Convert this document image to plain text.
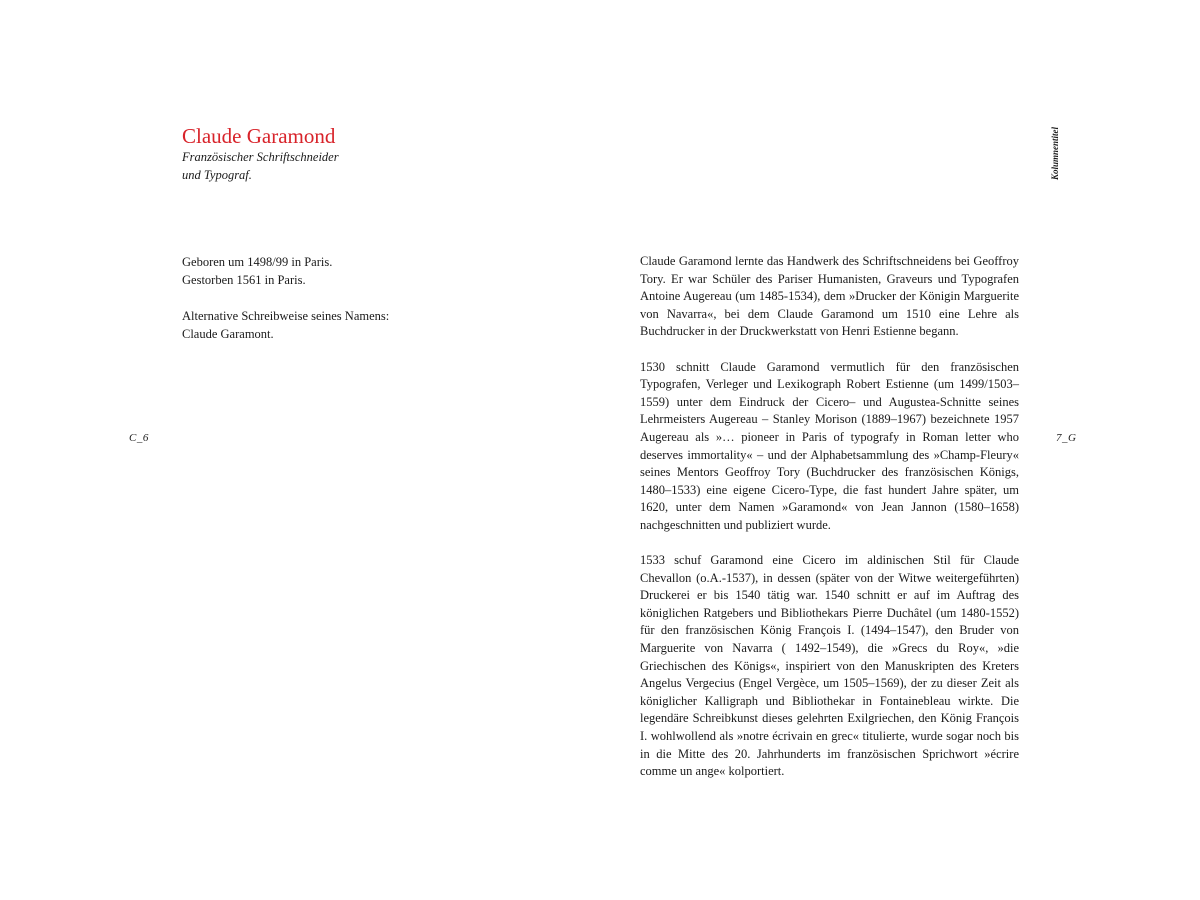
Claude Garamond
Französischer Schriftschneider
und Typograf.	Kolumnentitel

Geboren um 1498/99 in Paris.

Gestorben 1561 in Paris.

Alternative Schreibweise seines Namens:

Claude Garamont.

C_6	7_G

Claude Garamond lernte das Handwerk des Schriftschneidens bei Geoffroy Tory. Er war Schüler des Pariser Humanisten, Graveurs und Typografen Antoine Augereau (um 1485-1534), dem »Drucker der Königin Marguerite von Navarra«, bei dem Claude Garamond um 1510 eine Lehre als Buchdrucker in der Druckwerkstatt von Henri Estienne begann.

1530 schnitt Claude Garamond vermutlich für den französischen Typografen, Verleger und Lexikograph Robert Estienne (um 1499/1503–1559) unter dem Eindruck der Cicero– und Augustea-Schnitte seines Lehrmeisters Augereau – Stanley Morison (1889–1967) bezeichnete 1957 Augereau als »… pioneer in Paris of typografy in Roman letter who deserves immortality« – und der Alphabetsammlung des »Champ-Fleury« seines Mentors Geoffroy Tory (Buchdrucker des französischen Königs, 1480–1533) eine eigene Cicero-Type, die fast hundert Jahre später, um 1620, unter dem Namen »Garamond« von Jean Jannon (1580–1658) nachgeschnitten und publiziert wurde.

1533 schuf Garamond eine Cicero im aldinischen Stil für Claude Chevallon (o.A.-1537), in dessen (später von der Witwe weitergeführten) Druckerei er bis 1540 tätig war. 1540 schnitt er auf im Auftrag des königlichen Ratgebers und Bibliothekars Pierre Duchâtel (um 1480-1552) für den französischen König François I. (1494–1547), den Bruder von Marguerite von Navarra ( 1492–1549), die »Grecs du Roy«, »die Griechischen des Königs«, inspiriert von den Manuskripten des Kreters Angelus Vergecius (Engel Vergèce, um 1505–1569), der zu dieser Zeit als königlicher Kalligraph und Bibliothekar in Fontainebleau wirkte. Die legendäre Schreibkunst dieses gelehrten Exilgriechen, den König François I. wohlwollend als »notre écrivain en grec« titulierte, wurde sogar noch bis in die Mitte des 20. Jahrhunderts im französischen Sprichwort »écrire comme un ange« kolportiert.
